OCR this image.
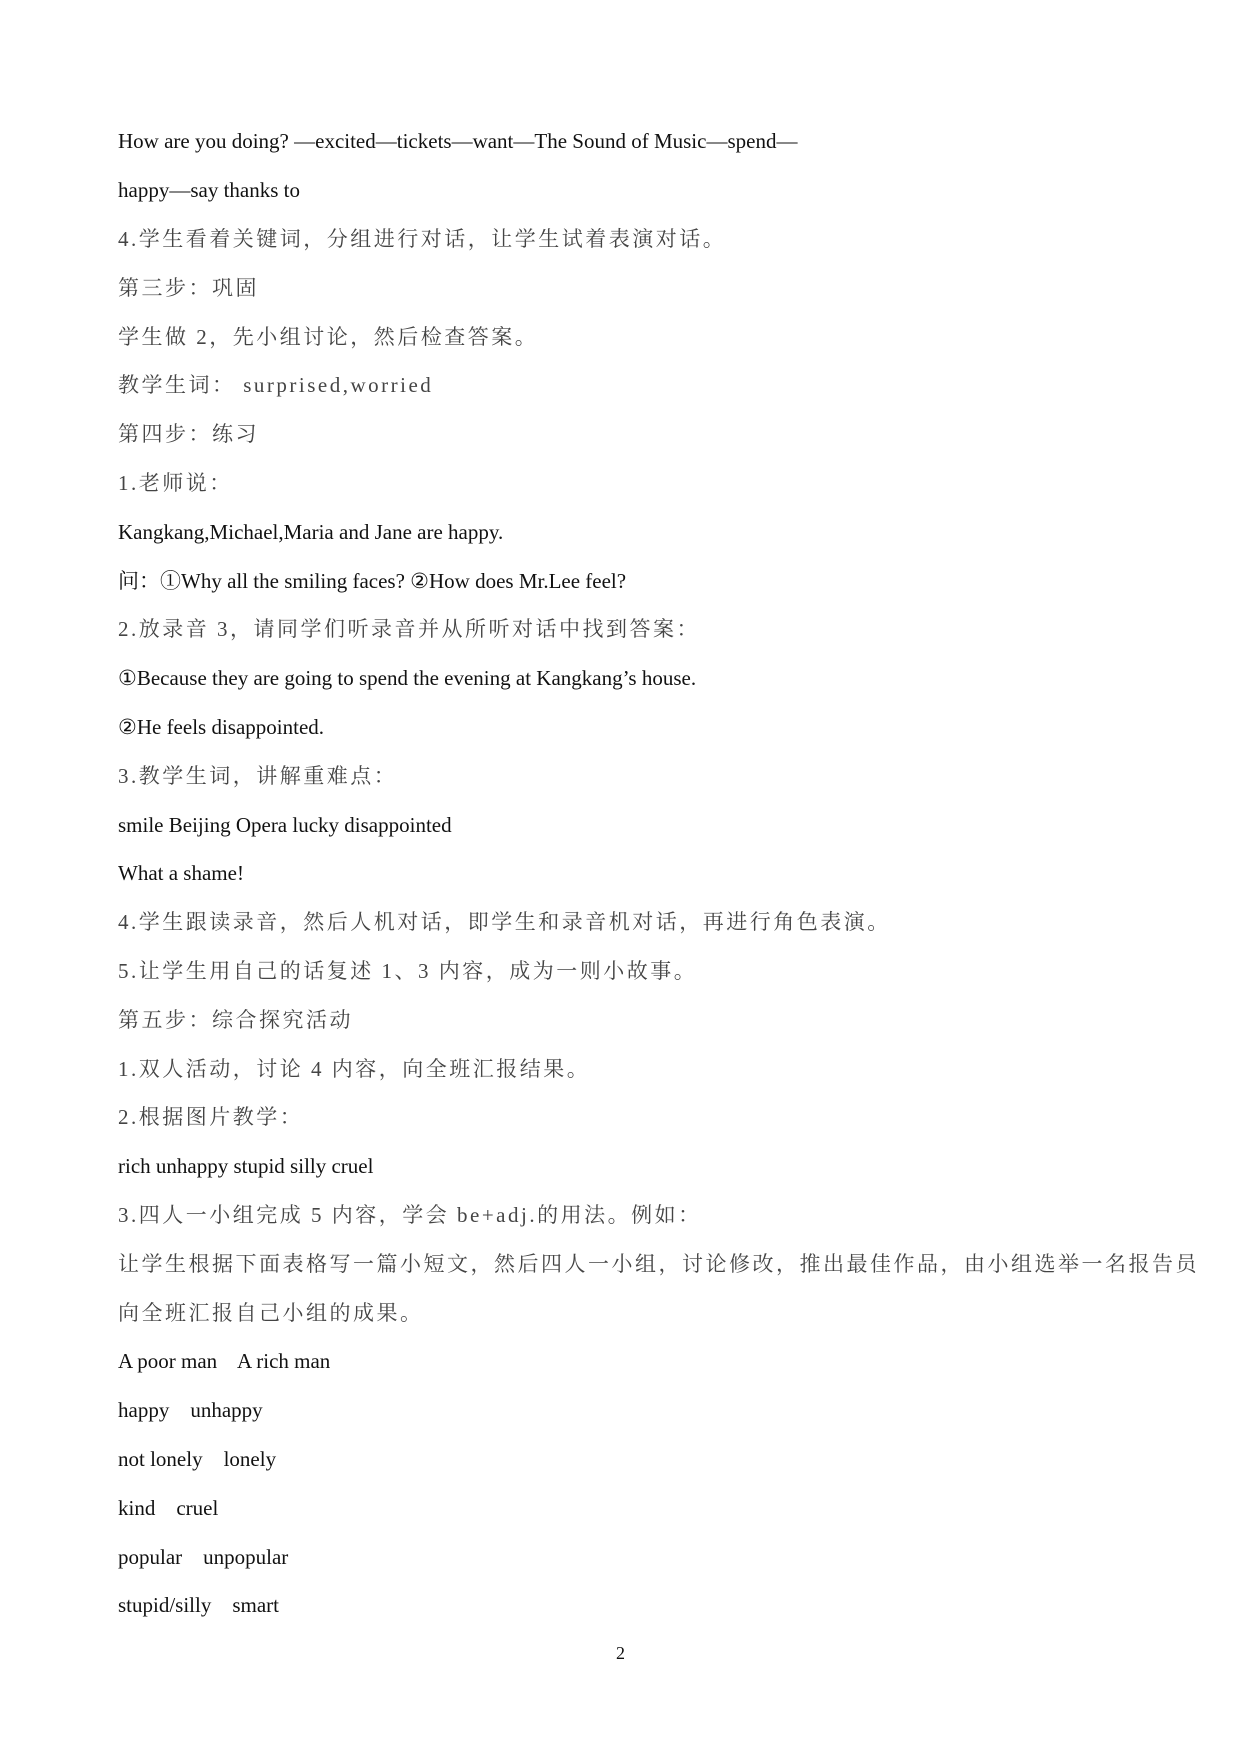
How are you doing? —excited—tickets—want—The Sound of Music—spend—
happy—say thanks to
4.学生看着关键词，分组进行对话，让学生试着表演对话。
第三步：巩固
学生做 2，先小组讨论，然后检查答案。
教学生词： surprised,worried
第四步：练习
1.老师说：
Kangkang,Michael,Maria and Jane are happy.
问：①Why all the smiling faces? ②How does Mr.Lee feel?
2.放录音 3，请同学们听录音并从所听对话中找到答案：
①Because they are going to spend the evening at Kangkang’s house.
②He feels disappointed.
3.教学生词，讲解重难点：
smile Beijing Opera lucky disappointed
What a shame!
4.学生跟读录音，然后人机对话，即学生和录音机对话，再进行角色表演。
5.让学生用自己的话复述 1、3 内容，成为一则小故事。
第五步：综合探究活动
1.双人活动，讨论 4 内容，向全班汇报结果。
2.根据图片教学：
rich unhappy stupid silly cruel
3.四人一小组完成 5 内容，学会 be+adj.的用法。例如：
让学生根据下面表格写一篇小短文，然后四人一小组，讨论修改，推出最佳作品，由小组选举一名报告员
向全班汇报自己小组的成果。
A poor man    A rich man
happy    unhappy
not lonely    lonely
kind    cruel
popular    unpopular
stupid/silly    smart
2
